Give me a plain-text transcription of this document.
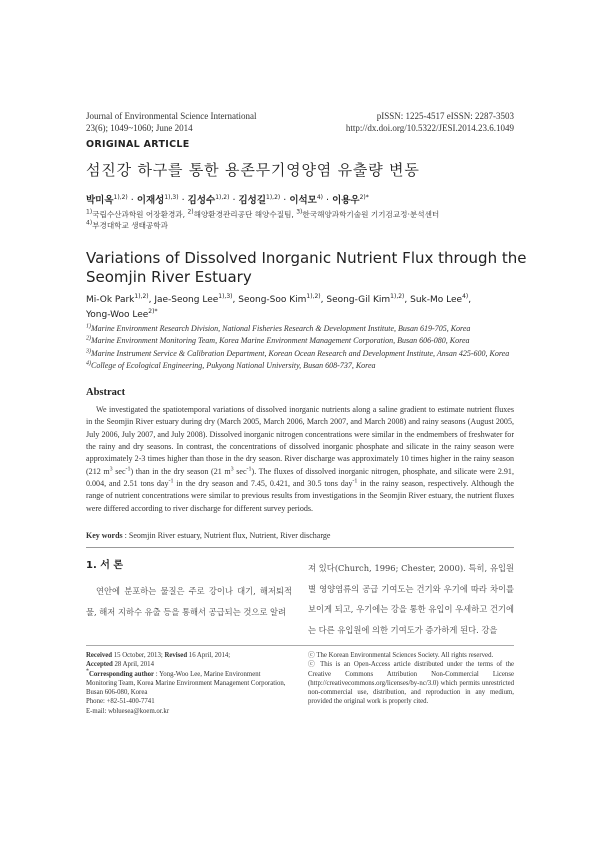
Journal of Environmental Science International
23(6); 1049~1060; June 2014
pISSN: 1225-4517 eISSN: 2287-3503
http://dx.doi.org/10.5322/JESI.2014.23.6.1049
ORIGINAL ARTICLE
섬진강 하구를 통한 용존무기영양염 유출량 변동
박미옥$^{1),2)}$ · 이재성$^{1),3)}$ · 김성수$^{1),2)}$ · 김성길$^{1),2)}$ · 이석모$^{4)}$ · 이용우$^{2)*}$
$^{1)}$국립수산과학원 어장환경과, $^{2)}$해양환경관리공단 해양수질팀, $^{3)}$한국해양과학기술원 기기검교정·분석센터
$^{4)}$부경대학교 생태공학과
Variations of Dissolved Inorganic Nutrient Flux through the
Seomjin River Estuary
Mi-Ok Park$^{1),2)}$, Jae-Seong Lee$^{1),3)}$, Seong-Soo Kim$^{1),2)}$, Seong-Gil Kim$^{1),2)}$, Suk-Mo Lee$^{4)}$,
Yong-Woo Lee$^{2)*}$
$^{1)}$Marine Environment Research Division, National Fisheries Research & Development Institute, Busan 619-705, Korea
$^{2)}$Marine Environment Monitoring Team, Korea Marine Environment Management Corporation, Busan 606-080, Korea
$^{3)}$Marine Instrument Service & Calibration Department, Korean Ocean Research and Development Institute, Ansan 425-600, Korea
$^{4)}$College of Ecological Engineering, Pukyong National University, Busan 608-737, Korea
Abstract
We investigated the spatiotemporal variations of dissolved inorganic nutrients along a saline gradient to estimate nutrient fluxes in the Seomjin River estuary during dry (March 2005, March 2006, March 2007, and March 2008) and rainy seasons (August 2005, July 2006, July 2007, and July 2008). Dissolved inorganic nitrogen concentrations were similar in the endmembers of freshwater for the rainy and dry seasons. In contrast, the concentrations of dissolved inorganic phosphate and silicate in the rainy season were approximately 2-3 times higher than those in the dry season. River discharge was approximately 10 times higher in the rainy season (212 $m^3$ $\sec^{-1}$) than in the dry season (21 $m^3$ $\sec^{-1}$). The fluxes of dissolved inorganic nitrogen, phosphate, and silicate were 2.91, 0.004, and 2.51 tons day$^{-1}$ in the dry season and 7.45, 0.421, and 30.5 tons day$^{-1}$ in the rainy season, respectively. Although the range of nutrient concentrations were similar to previous results from investigations in the Seomjin River estuary, the nutrient fluxes were differed according to river discharge for different survey periods.
Key words : Seomjin River estuary, Nutrient flux, Nutrient, River discharge
1. 서 론
연안에 분포하는 물질은 주로 강이나 대기, 해저퇴적물, 해저 지하수 유출 등을 통해서 공급되는 것으로 알려
져 있다(Church, 1996; Chester, 2000). 특히, 유입원별 영양염류의 공급 기여도는 건기와 우기에 따라 차이를 보이게 되고, 우기에는 강을 통한 유입이 우세하고 건기에는 다른 유입원에 의한 기여도가 증가하게 된다. 강을
Received 15 October, 2013; Revised 16 April, 2014;
Accepted 28 April, 2014
*Corresponding author : Yong-Woo Lee, Marine Environment Monitoring Team, Korea Marine Environment Management Corporation, Busan 606-080, Korea
Phone: +82-51-400-7741
E-mail: wblueseа@koem.or.kr
ⓒ The Korean Environmental Sciences Society. All rights reserved.
ⓒ This is an Open-Access article distributed under the terms of the Creative Commons Attribution Non-Commercial License (http://creativecommons.org/licenses/by-nc/3.0) which permits unrestricted non-commercial use, distribution, and reproduction in any medium, provided the original work is properly cited.
